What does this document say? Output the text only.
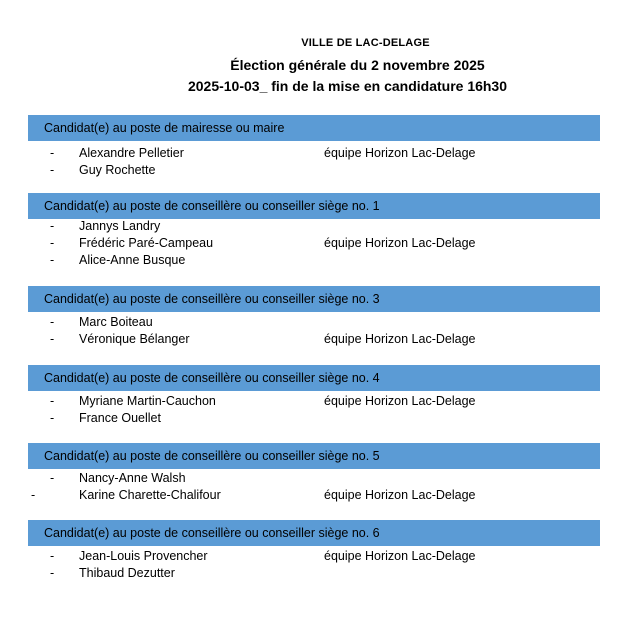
VILLE DE LAC-DELAGE
Élection générale du 2 novembre 2025
2025-10-03_ fin de la mise en candidature 16h30
Candidat(e) au poste de mairesse ou maire
- Alexandre Pelletier	équipe Horizon Lac-Delage
- Guy Rochette
Candidat(e) au poste de conseillère ou conseiller siège no. 1
- Jannys Landry
- Frédéric Paré-Campeau	équipe Horizon Lac-Delage
- Alice-Anne Busque
Candidat(e) au poste de conseillère ou conseiller siège no. 3
- Marc Boiteau
- Véronique Bélanger	équipe Horizon Lac-Delage
Candidat(e) au poste de conseillère ou conseiller siège no. 4
- Myriane Martin-Cauchon	équipe Horizon Lac-Delage
- France Ouellet
Candidat(e) au poste de conseillère ou conseiller siège no. 5
- Nancy-Anne Walsh
-	Karine Charette-Chalifour	équipe Horizon Lac-Delage
Candidat(e) au poste de conseillère ou conseiller siège no. 6
- Jean-Louis Provencher	équipe Horizon Lac-Delage
- Thibaud Dezutter
